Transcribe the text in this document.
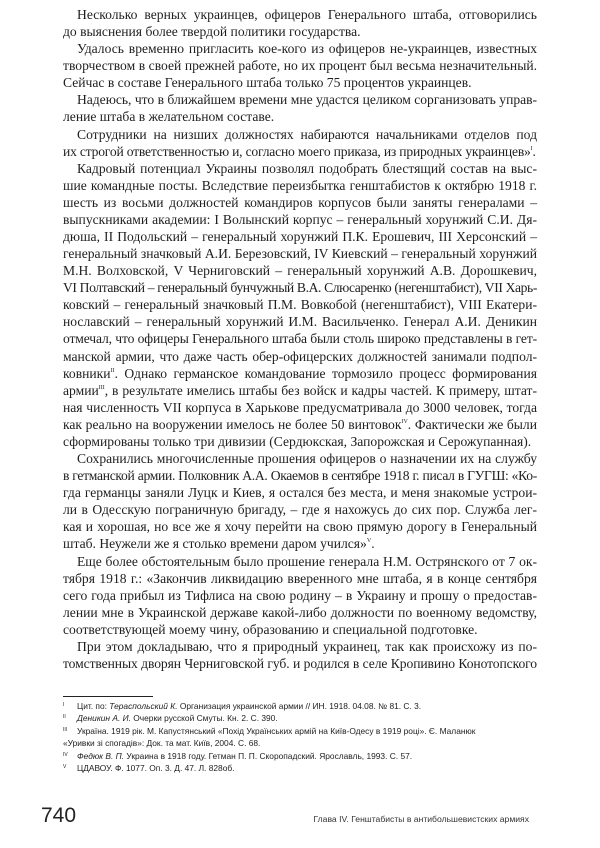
Несколько верных украинцев, офицеров Генерального штаба, отговорились
до выяснения более твердой политики государства.
Удалось временно пригласить кое-кого из офицеров не-украинцев, известных
творчеством в своей прежней работе, но их процент был весьма незначительный.
Сейчас в составе Генерального штаба только 75 процентов украинцев.
Надеюсь, что в ближайшем времени мне удастся целиком сорганизовать управ-
ление штаба в желательном составе.
Сотрудники на низших должностях набираются начальниками отделов под
их строгой ответственностью и, согласно моего приказа, из природных украинцев»$^I$.
Кадровый потенциал Украины позволял подобрать блестящий состав на выс-
шие командные посты. Вследствие переизбытка генштабистов к октябрю 1918 г.
шесть из восьми должностей командиров корпусов были заняты генералами –
выпускниками академии: I Волынский корпус – генеральный хорунжий С.И. Дя-
дюша, II Подольский – генеральный хорунжий П.К. Ерошевич, III Херсонский –
генеральный значковый А.И. Березовский, IV Киевский – генеральный хорунжий
М.Н. Волховской, V Черниговский – генеральный хорунжий А.В. Дорошкевич,
VI Полтавский – генеральный бунчужный В.А. Слюсаренко (негенштабист), VII Харь-
ковский – генеральный значковый П.М. Вовкобой (негенштабист), VIII Екатери-
нославский – генеральный хорунжий И.М. Васильченко. Генерал А.И. Деникин
отмечал, что офицеры Генерального штаба были столь широко представлены в гет-
манской армии, что даже часть обер-офицерских должностей занимали подпол-
ковники$^{II}$. Однако германское командование тормозило процесс формирования
армии$^{III}$, в результате имелись штабы без войск и кадры частей. К примеру, штат-
ная численность VII корпуса в Харькове предусматривала до 3000 человек, тогда
как реально на вооружении имелось не более 50 винтовок$^{IV}$. Фактически же были
сформированы только три дивизии (Сердюкская, Запорожская и Серожупанная).
Сохранились многочисленные прошения офицеров о назначении их на службу
в гетманской армии. Полковник А.А. Окаемов в сентябре 1918 г. писал в ГУГШ: «Ко-
гда германцы заняли Луцк и Киев, я остался без места, и меня знакомые устрои-
ли в Одесскую пограничную бригаду, – где я нахожусь до сих пор. Служба лег-
кая и хорошая, но все же я хочу перейти на свою прямую дорогу в Генеральный
штаб. Неужели же я столько времени даром учился»$^V$.
Еще более обстоятельным было прошение генерала Н.М. Острянского от 7 ок-
тября 1918 г.: «Закончив ликвидацию вверенного мне штаба, я в конце сентября
сего года прибыл из Тифлиса на свою родину – в Украину и прошу о предостав-
лении мне в Украинской державе какой-либо должности по военному ведомству,
соответствующей моему чину, образованию и специальной подготовке.
При этом докладываю, что я природный украинец, так как происхожу из по-
томственных дворян Черниговской губ. и родился в селе Кропивино Конотопского
I Цит. по: Тераспольский К. Организация украинской армии // ИН. 1918. 04.08. № 81. С. 3.
II Деникин А. И. Очерки русской Смуты. Кн. 2. С. 390.
III Україна. 1919 рік. М. Капустянський «Похід Українських армій на Київ-Одесу в 1919 році». Є. Маланюк
«Уривки зі спогадів»: Док. та мат. Київ, 2004. С. 68.
IV Федюк В. П. Украина в 1918 году. Гетман П. П. Скоропадский. Ярославль, 1993. С. 57.
V ЦДАВОУ. Ф. 1077. Оп. 3. Д. 47. Л. 828об.
740	Глава IV. Генштабисты в антибольшевистских армиях
